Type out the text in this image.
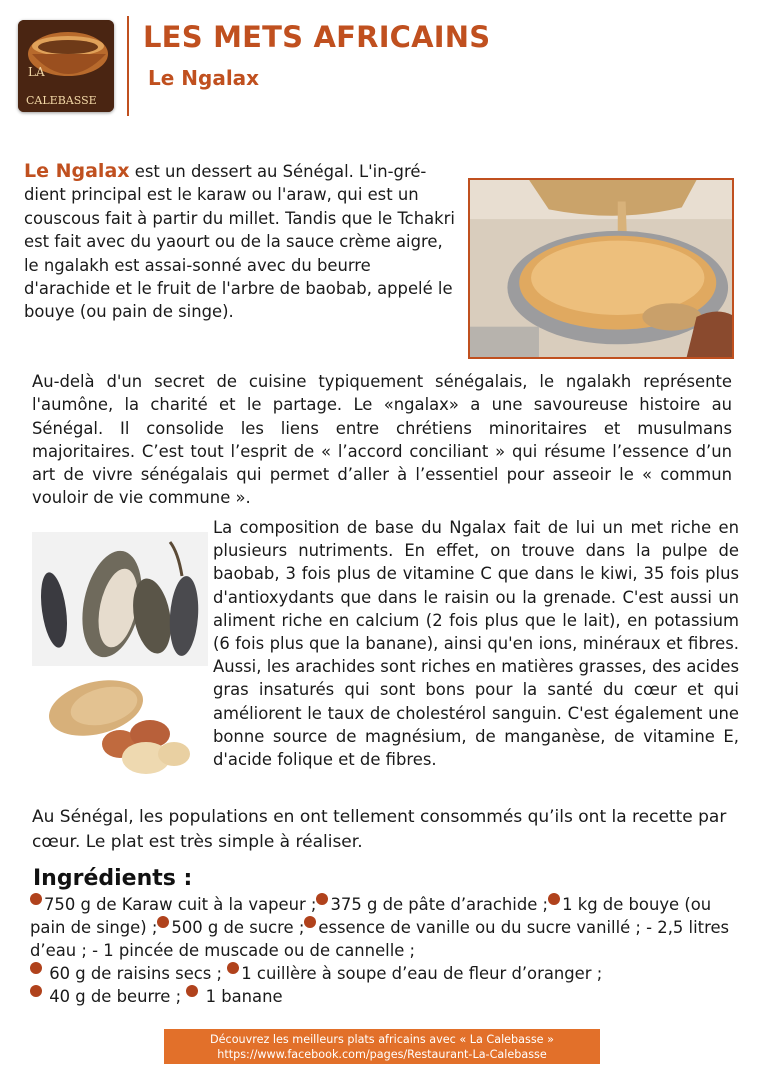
LA
CALEBASSE
LES METS AFRICAINS
Le Ngalax

Le Ngalax est un dessert au Sénégal. L'in-gré-dient principal est le karaw ou l'araw, qui est un couscous fait à partir du millet. Tandis que le Tchakri est fait avec du yaourt ou de la sauce crème aigre, le ngalakh est assai-sonné avec du beurre d'arachide et le fruit de l'arbre de baobab, appelé le bouye (ou pain de singe).

Au-delà d'un secret de cuisine typiquement sénégalais, le ngalakh représente l'aumône, la charité et le partage. Le «ngalax» a une savoureuse histoire au Sénégal. Il consolide les liens entre chrétiens minoritaires et musulmans majoritaires. C’est tout l’esprit de « l’accord conciliant » qui résume l’essence d’un art de vivre sénégalais qui permet d’aller à l’essentiel pour asseoir le « commun vouloir de vie commune ».

La composition de base du Ngalax fait de lui un met riche en plusieurs nutriments. En effet, on trouve dans la pulpe de baobab, 3 fois plus de vitamine C que dans le kiwi, 35 fois plus d'antioxydants que dans le raisin ou la grenade. C'est aussi un aliment riche en calcium (2 fois plus que le lait), en potassium (6 fois plus que la banane), ainsi qu'en ions, minéraux et fibres. Aussi, les arachides sont riches en matières grasses, des acides gras insaturés qui sont bons pour la santé du cœur et qui améliorent le taux de cholestérol sanguin. C'est également une bonne source de magnésium, de manganèse, de vitamine E, d'acide folique et de fibres.

Au Sénégal, les populations en ont tellement consommés qu’ils ont la recette par cœur. Le plat est très simple à réaliser.

Ingrédients :
750 g de Karaw cuit à la vapeur ; 375 g de pâte d’arachide ; 1 kg de bouye (ou pain de singe) ; 500 g de sucre ; essence de vanille ou du sucre vanillé ; - 2,5 litres d’eau ; - 1 pincée de muscade ou de cannelle ;
60 g de raisins secs ; 1 cuillère à soupe d’eau de fleur d’oranger ;
40 g de beurre ; 1 banane
Découvrez les meilleurs plats africains avec « La Calebasse »
https://www.facebook.com/pages/Restaurant-La-Calebasse
